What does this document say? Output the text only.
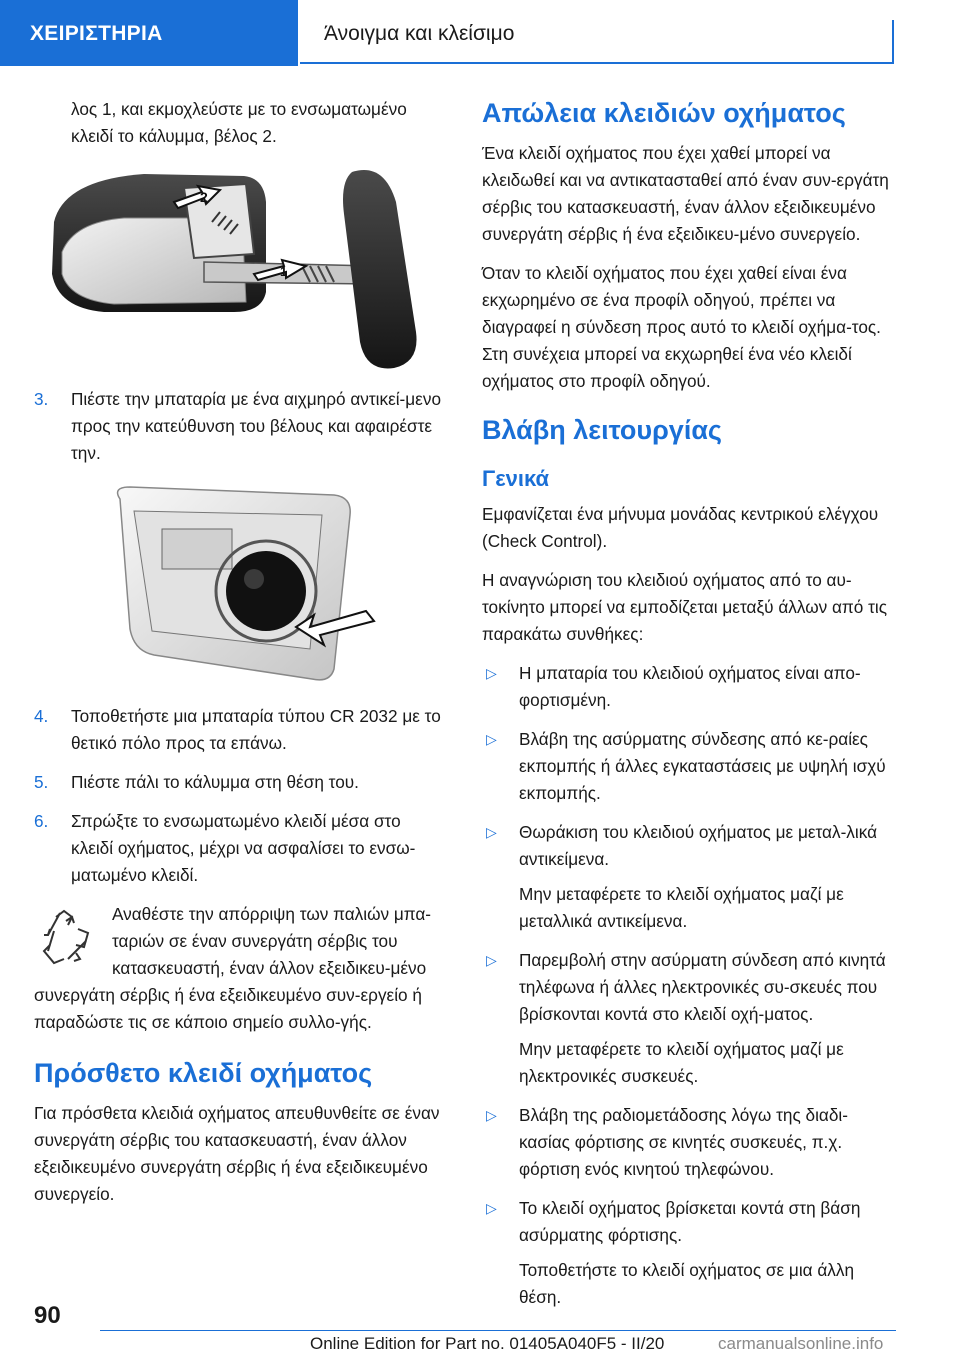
ΧΕΙΡΙΣΤΗΡΙΑ	Άνοιγμα και κλείσιμο

λος 1, και εκμοχλεύστε με το ενσωματωμένο κλειδί το κάλυμμα, βέλος 2.

2
1
3. Πιέστε την μπαταρία με ένα αιχμηρό αντικεί-μενο προς την κατεύθυνση του βέλους και αφαιρέστε την.
4. Τοποθετήστε μια μπαταρία τύπου CR 2032 με το θετικό πόλο προς τα επάνω.
5. Πιέστε πάλι το κάλυμμα στη θέση του.
6. Σπρώξτε το ενσωματωμένο κλειδί μέσα στο κλειδί οχήματος, μέχρι να ασφαλίσει το ενσω-ματωμένο κλειδί.

Αναθέστε την απόρριψη των παλιών μπα-ταριών σε έναν συνεργάτη σέρβις του κατασκευαστή, έναν άλλον εξειδικευ-μένο συνεργάτη σέρβις ή ένα εξειδικευμένο συν-εργείο ή παραδώστε τις σε κάποιο σημείο συλλο-γής.

Πρόσθετο κλειδί οχήματος

Για πρόσθετα κλειδιά οχήματος απευθυνθείτε σε έναν συνεργάτη σέρβις του κατασκευαστή, έναν άλλον εξειδικευμένο συνεργάτη σέρβις ή ένα εξειδικευμένο συνεργείο.

Απώλεια κλειδιών οχήματος

Ένα κλειδί οχήματος που έχει χαθεί μπορεί να κλειδωθεί και να αντικατασταθεί από έναν συν-εργάτη σέρβις του κατασκευαστή, έναν άλλον εξειδικευμένο συνεργάτη σέρβις ή ένα εξειδικευ-μένο συνεργείο.

Όταν το κλειδί οχήματος που έχει χαθεί είναι ένα εκχωρημένο σε ένα προφίλ οδηγού, πρέπει να διαγραφεί η σύνδεση προς αυτό το κλειδί οχήμα-τος. Στη συνέχεια μπορεί να εκχωρηθεί ένα νέο κλειδί οχήματος στο προφίλ οδηγού.

Βλάβη λειτουργίας
Γενικά

Εμφανίζεται ένα μήνυμα μονάδας κεντρικού ελέγχου (Check Control).

Η αναγνώριση του κλειδιού οχήματος από το αυ-τοκίνητο μπορεί να εμποδίζεται μεταξύ άλλων από τις παρακάτω συνθήκες:

▷ Η μπαταρία του κλειδιού οχήματος είναι απο-φορτισμένη.
▷ Βλάβη της ασύρματης σύνδεσης από κε-ραίες εκπομπής ή άλλες εγκαταστάσεις με υψηλή ισχύ εκπομπής.
▷ Θωράκιση του κλειδιού οχήματος με μεταλ-λικά αντικείμενα.
Μην μεταφέρετε το κλειδί οχήματος μαζί με μεταλλικά αντικείμενα.
▷ Παρεμβολή στην ασύρματη σύνδεση από κινητά τηλέφωνα ή άλλες ηλεκτρονικές συ-σκευές που βρίσκονται κοντά στο κλειδί οχή-ματος.
Μην μεταφέρετε το κλειδί οχήματος μαζί με ηλεκτρονικές συσκευές.
▷ Βλάβη της ραδιομετάδοσης λόγω της διαδι-κασίας φόρτισης σε κινητές συσκευές, π.χ. φόρτιση ενός κινητού τηλεφώνου.
▷ Το κλειδί οχήματος βρίσκεται κοντά στη βάση ασύρματης φόρτισης.
Τοποθετήστε το κλειδί οχήματος σε μια άλλη θέση.
90
Online Edition for Part no. 01405A040F5 - II/20	carmanualsonline.info
